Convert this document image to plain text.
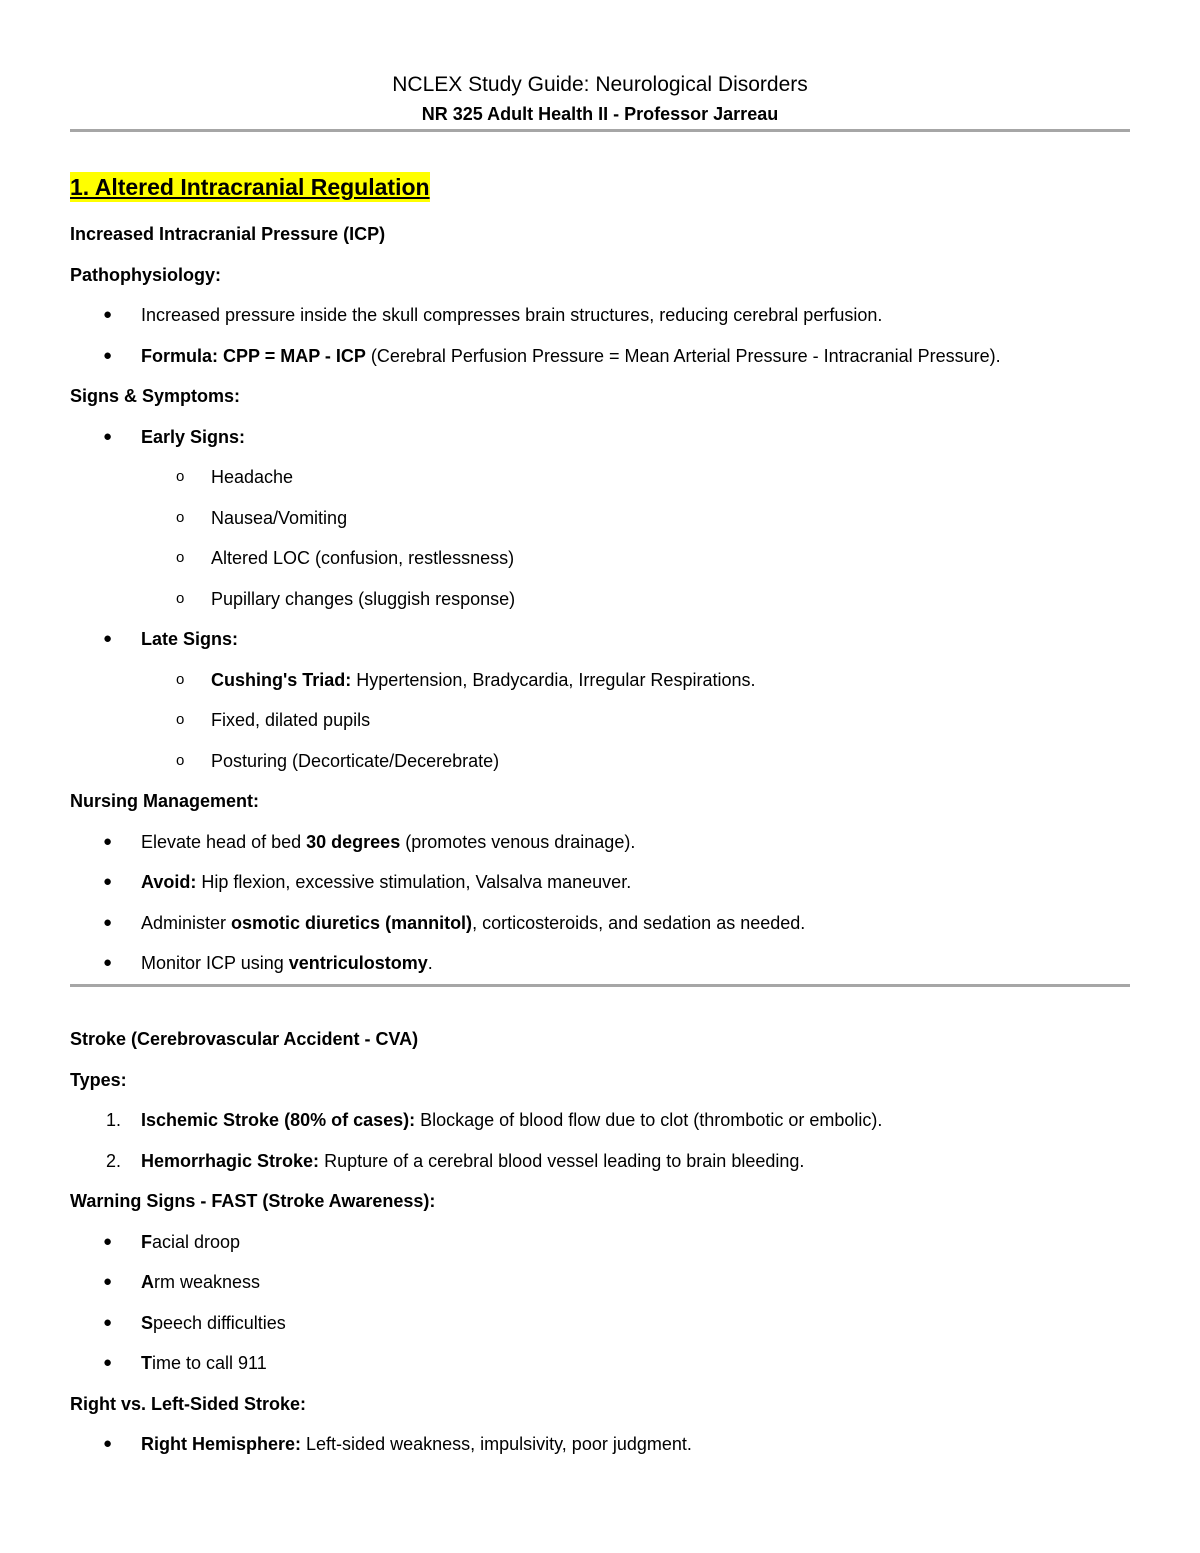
NCLEX Study Guide: Neurological Disorders
NR 325 Adult Health II - Professor Jarreau
1. Altered Intracranial Regulation
Increased Intracranial Pressure (ICP)
Pathophysiology:
● Increased pressure inside the skull compresses brain structures, reducing cerebral perfusion.
● Formula: CPP = MAP - ICP (Cerebral Perfusion Pressure = Mean Arterial Pressure - Intracranial Pressure).
Signs & Symptoms:
● Early Signs:
o Headache
o Nausea/Vomiting
o Altered LOC (confusion, restlessness)
o Pupillary changes (sluggish response)
● Late Signs:
o Cushing's Triad: Hypertension, Bradycardia, Irregular Respirations.
o Fixed, dilated pupils
o Posturing (Decorticate/Decerebrate)
Nursing Management:
● Elevate head of bed 30 degrees (promotes venous drainage).
● Avoid: Hip flexion, excessive stimulation, Valsalva maneuver.
● Administer osmotic diuretics (mannitol), corticosteroids, and sedation as needed.
● Monitor ICP using ventriculostomy.
Stroke (Cerebrovascular Accident - CVA)
Types:
1. Ischemic Stroke (80% of cases): Blockage of blood flow due to clot (thrombotic or embolic).
2. Hemorrhagic Stroke: Rupture of a cerebral blood vessel leading to brain bleeding.
Warning Signs - FAST (Stroke Awareness):
● Facial droop
● Arm weakness
● Speech difficulties
● Time to call 911
Right vs. Left-Sided Stroke:
● Right Hemisphere: Left-sided weakness, impulsivity, poor judgment.
